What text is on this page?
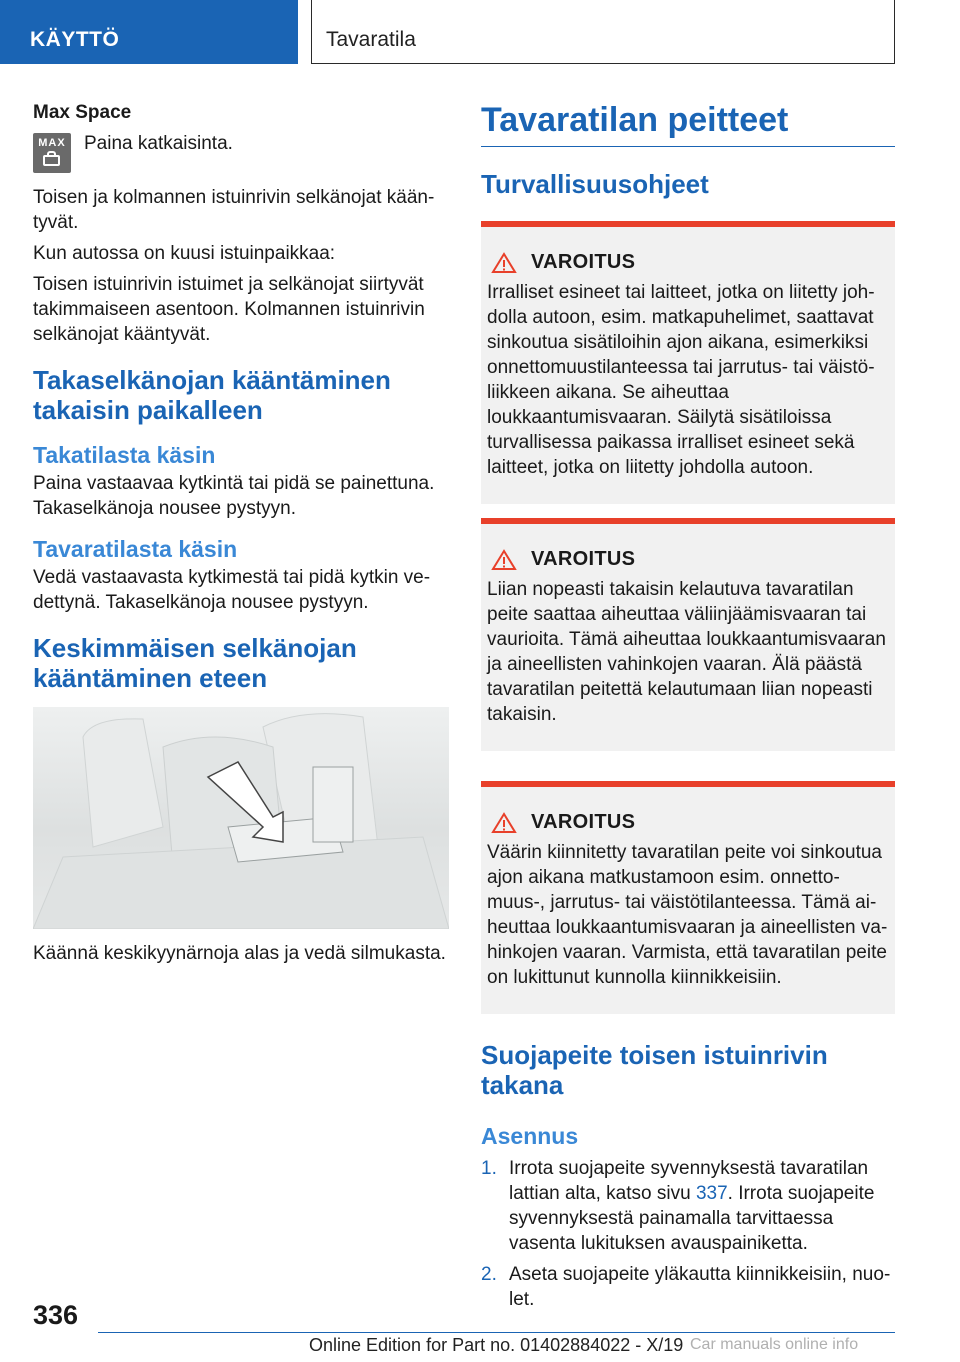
KÄYTTÖ	Tavaratila

Max Space

MAX Paina katkaisinta.

Toisen ja kolmannen istuinrivin selkänojat kääntyvät.

Kun autossa on kuusi istuinpaikkaa:

Toisen istuinrivin istuimet ja selkänojat siirtyvät takimmaiseen asentoon. Kolmannen istuinrivin selkänojat kääntyvät.

Takaselkänojan kääntäminen takaisin paikalleen
Takatilasta käsin

Paina vastaavaa kytkintä tai pidä se painettuna. Takaselkänoja nousee pystyyn.

Tavaratilasta käsin

Vedä vastaavasta kytkimestä tai pidä kytkin vedettynä. Takaselkänoja nousee pystyyn.

Keskimmäisen selkänojan kääntäminen eteen

Käännä keskikyynärnoja alas ja vedä silmukasta.

Tavaratilan peitteet
Turvallisuusohjeet
VAROITUS

Irralliset esineet tai laitteet, jotka on liitetty johdolla autoon, esim. matkapuhelimet, saattavat sinkoutua sisätiloihin ajon aikana, esimerkiksi onnettomuustilanteessa tai jarrutus- tai väistöliikkeen aikana. Se aiheuttaa loukkaantumisvaaran. Säilytä sisätiloissa turvallisessa paikassa irralliset esineet sekä laitteet, jotka on liitetty johdolla autoon.

VAROITUS

Liian nopeasti takaisin kelautuva tavaratilan peite saattaa aiheuttaa väliinjäämisvaaran tai vaurioita. Tämä aiheuttaa loukkaantumisvaaran ja aineellisten vahinkojen vaaran. Älä päästä tavaratilan peitettä kelautumaan liian nopeasti takaisin.

VAROITUS

Väärin kiinnitetty tavaratilan peite voi sinkoutua ajon aikana matkustamoon esim. onnettomuus-, jarrutus- tai väistötilanteessa. Tämä aiheuttaa loukkaantumisvaaran ja aineellisten vahinkojen vaaran. Varmista, että tavaratilan peite on lukittunut kunnolla kiinnikkeisiin.

Suojapeite toisen istuinrivin takana
Asennus
1. Irrota suojapeite syvennyksestä tavaratilan lattian alta, katso sivu 337. Irrota suojapeite syvennyksestä painamalla tarvittaessa vasenta lukituksen avauspainiketta.

2. Aseta suojapeite yläkautta kiinnikkeisiin, nuolet.

336
Online Edition for Part no. 01402884022 - X/19 Car manuals online info
